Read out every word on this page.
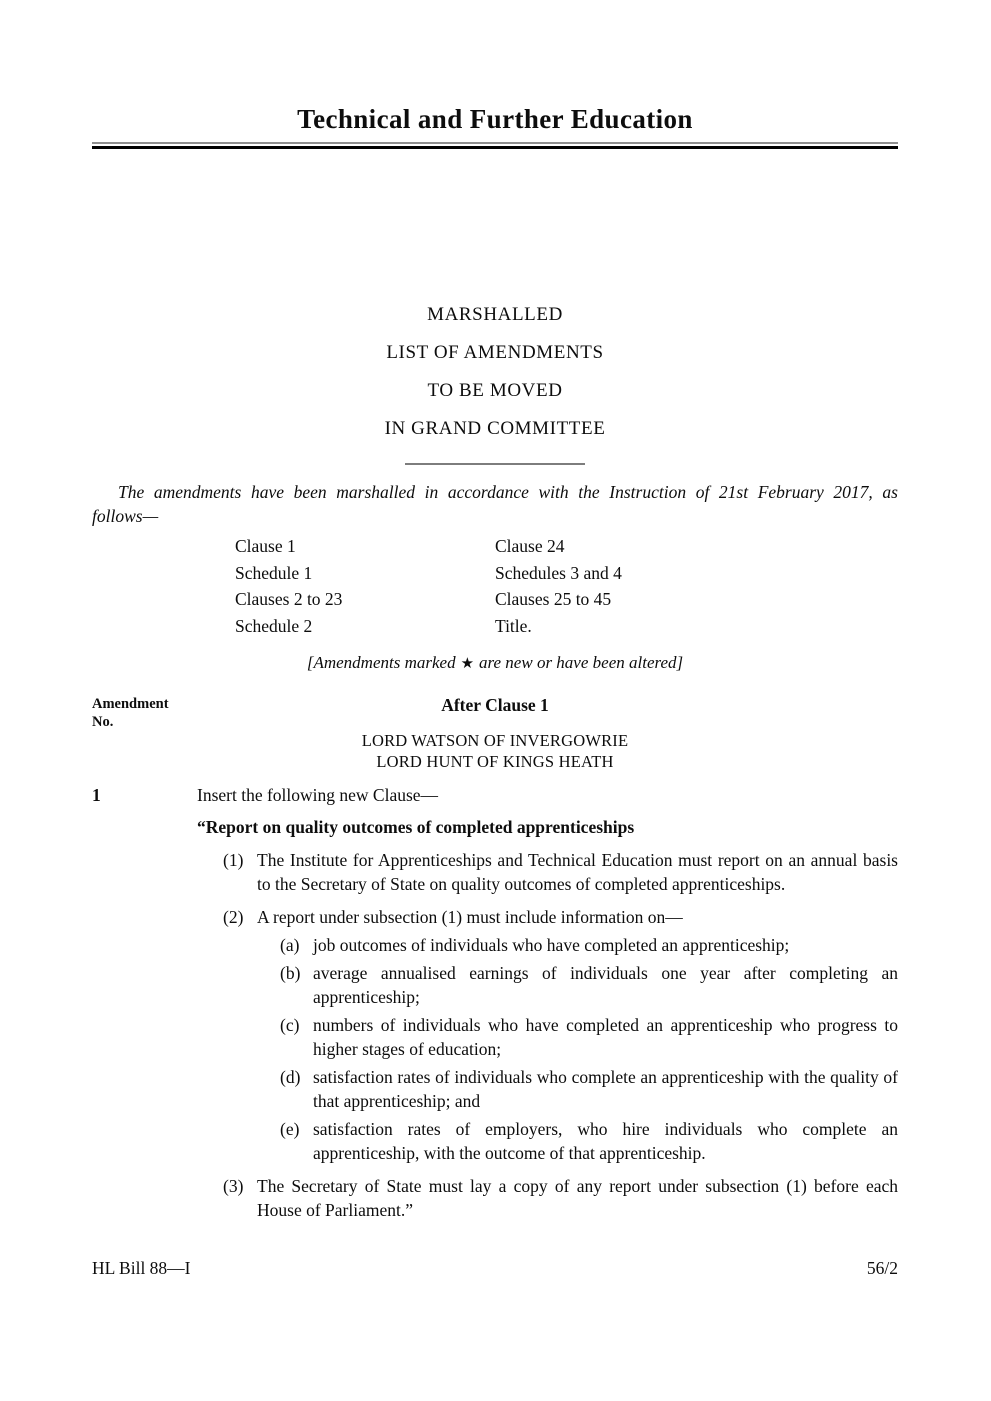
Technical and Further Education
MARSHALLED
LIST OF AMENDMENTS
TO BE MOVED
IN GRAND COMMITTEE
The amendments have been marshalled in accordance with the Instruction of 21st February 2017, as follows—
Clause 1
Schedule 1
Clauses 2 to 23
Schedule 2
Clause 24
Schedules 3 and 4
Clauses 25 to 45
Title.
[Amendments marked ★ are new or have been altered]
Amendment
No.
After Clause 1
LORD WATSON OF INVERGOWRIE
LORD HUNT OF KINGS HEATH
1	Insert the following new Clause—
“Report on quality outcomes of completed apprenticeships
(1) The Institute for Apprenticeships and Technical Education must report on an annual basis to the Secretary of State on quality outcomes of completed apprenticeships.
(2) A report under subsection (1) must include information on—
(a) job outcomes of individuals who have completed an apprenticeship;
(b) average annualised earnings of individuals one year after completing an apprenticeship;
(c) numbers of individuals who have completed an apprenticeship who progress to higher stages of education;
(d) satisfaction rates of individuals who complete an apprenticeship with the quality of that apprenticeship; and
(e) satisfaction rates of employers, who hire individuals who complete an apprenticeship, with the outcome of that apprenticeship.
(3) The Secretary of State must lay a copy of any report under subsection (1) before each House of Parliament.”
HL Bill 88—I	56/2
